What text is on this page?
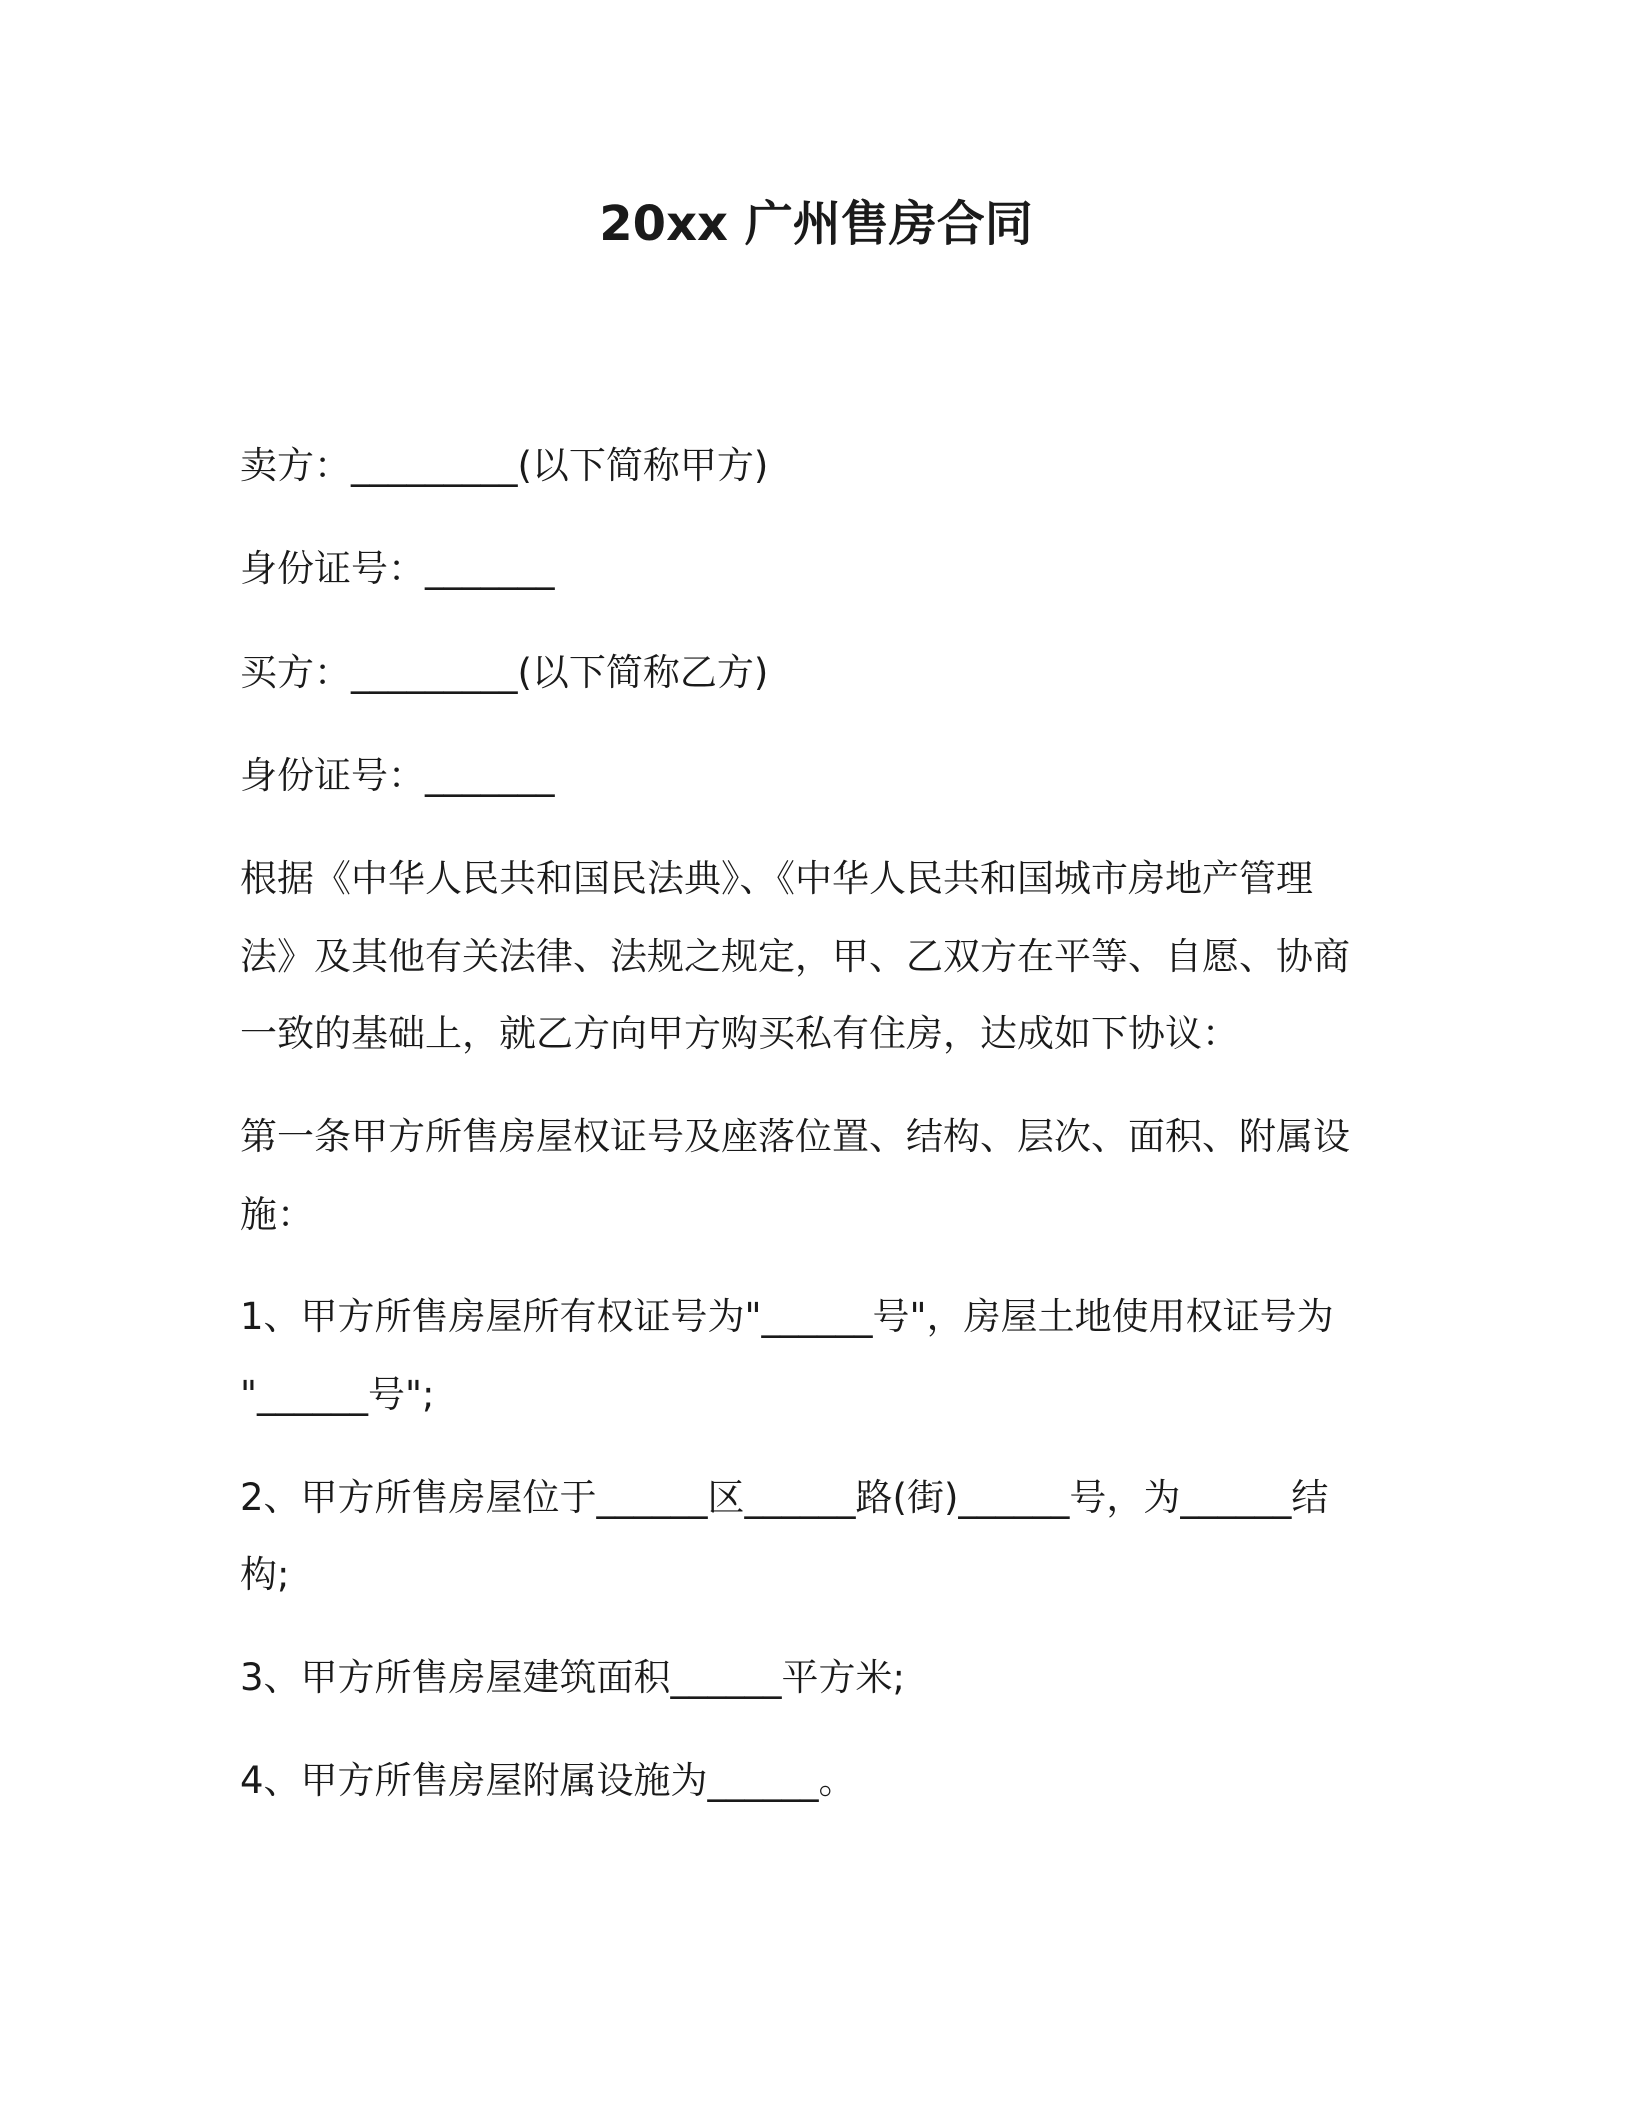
20xx 广州售房合同
卖方：_________(以下简称甲方)
身份证号：_______
买方：_________(以下简称乙方)
身份证号：_______
根据《中华人民共和国民法典》、《中华人民共和国城市房地产管理
法》及其他有关法律、法规之规定，甲、乙双方在平等、自愿、协商
一致的基础上，就乙方向甲方购买私有住房，达成如下协议：
第一条甲方所售房屋权证号及座落位置、结构、层次、面积、附属设
施：
1、甲方所售房屋所有权证号为"______号"，房屋土地使用权证号为
"______号";
2、甲方所售房屋位于______区______路(街)______号，为______结
构;
3、甲方所售房屋建筑面积______平方米;
4、甲方所售房屋附属设施为______。
